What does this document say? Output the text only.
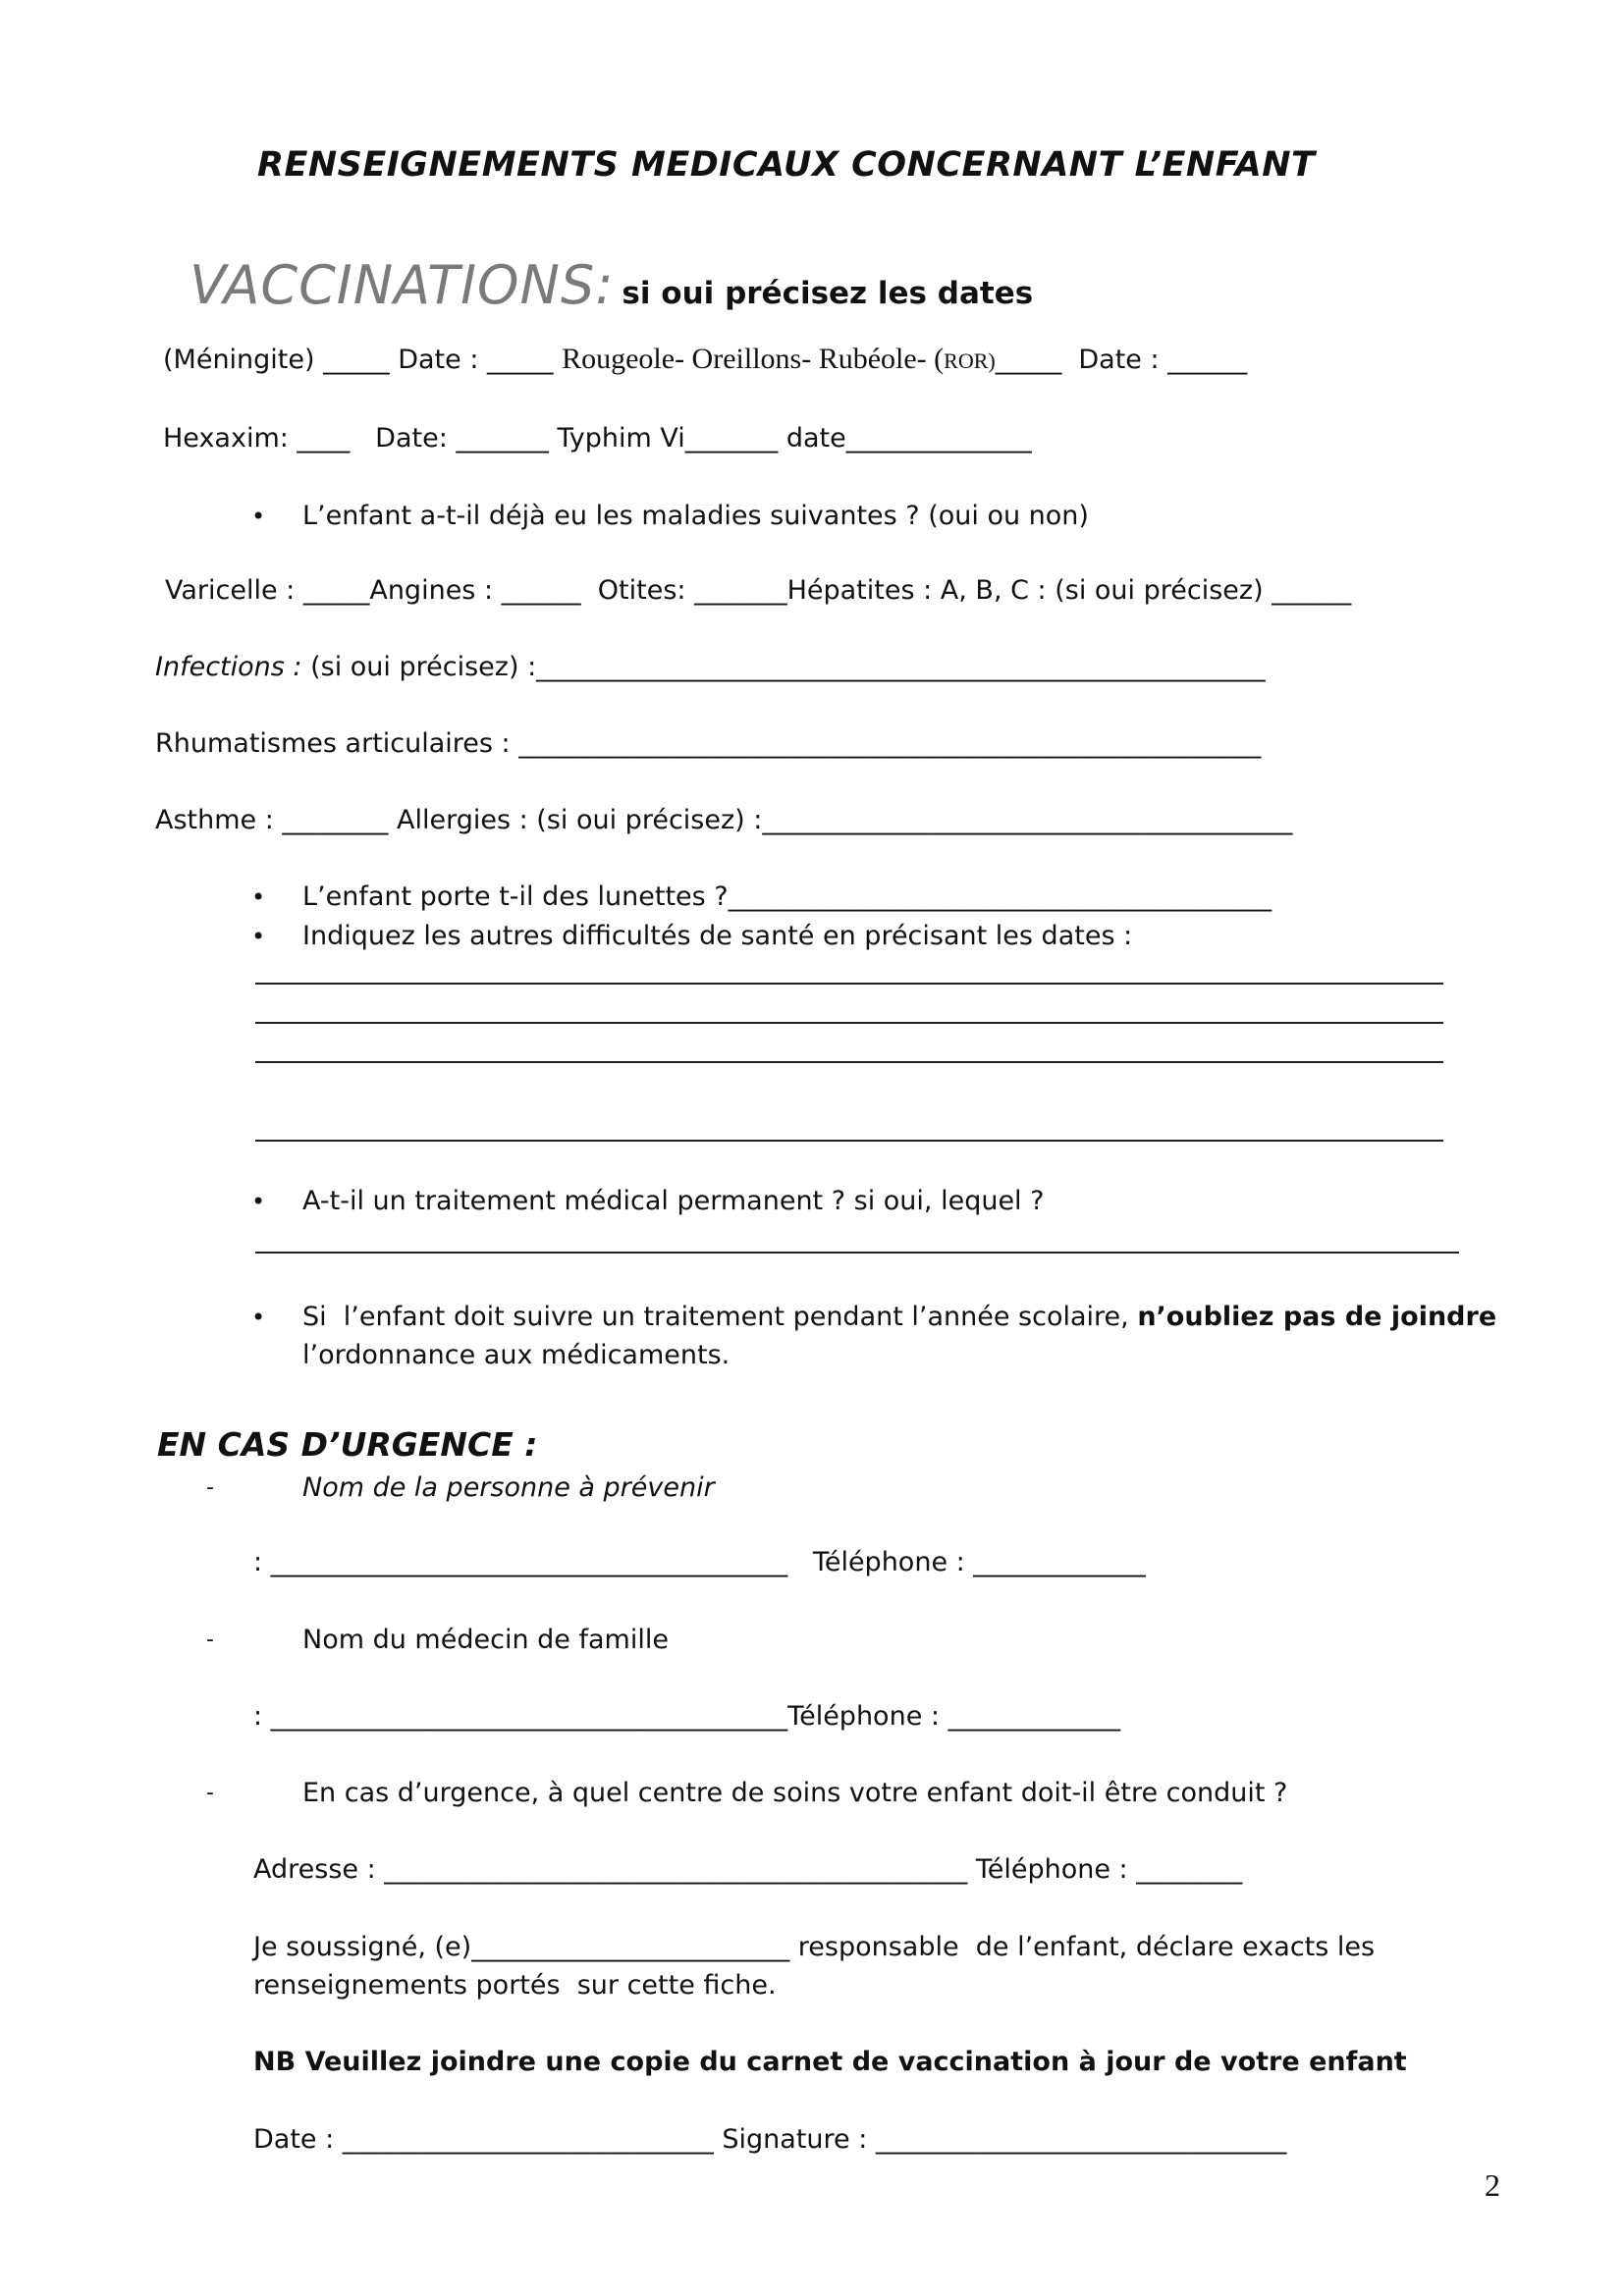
RENSEIGNEMENTS MEDICAUX CONCERNANT L’ENFANT

VACCINATIONS: si oui précisez les dates

(Méningite) _____ Date : _____ Rougeole- Oreillons- Rubéole- (ROR)_____  Date : ______
Hexaxim: ____   Date: _______ Typhim Vi_______ date______________
• L’enfant a-t-il déjà eu les maladies suivantes ? (oui ou non)
Varicelle : _____Angines : ______  Otites: _______Hépatites : A, B, C : (si oui précisez) ______
Infections : (si oui précisez) :_______________________________________________________
Rhumatismes articulaires : ________________________________________________________
Asthme : ________ Allergies : (si oui précisez) :________________________________________
• L’enfant porte t-il des lunettes ?_________________________________________
• Indiquez les autres difficultés de santé en précisant les dates :
• A-t-il un traitement médical permanent ? si oui, lequel ?
• Si  l’enfant doit suivre un traitement pendant l’année scolaire, n’oubliez pas de joindre
l’ordonnance aux médicaments.
EN CAS D’URGENCE :
-	Nom de la personne à prévenir
: _______________________________________   Téléphone : _____________
-	Nom du médecin de famille
: _______________________________________Téléphone : _____________
-	En cas d’urgence, à quel centre de soins votre enfant doit-il être conduit ?
Adresse : ____________________________________________ Téléphone : ________
Je soussigné, (e)________________________ responsable  de l’enfant, déclare exacts les
renseignements portés  sur cette fiche.
NB Veuillez joindre une copie du carnet de vaccination à jour de votre enfant
Date : ____________________________ Signature : _______________________________
2
